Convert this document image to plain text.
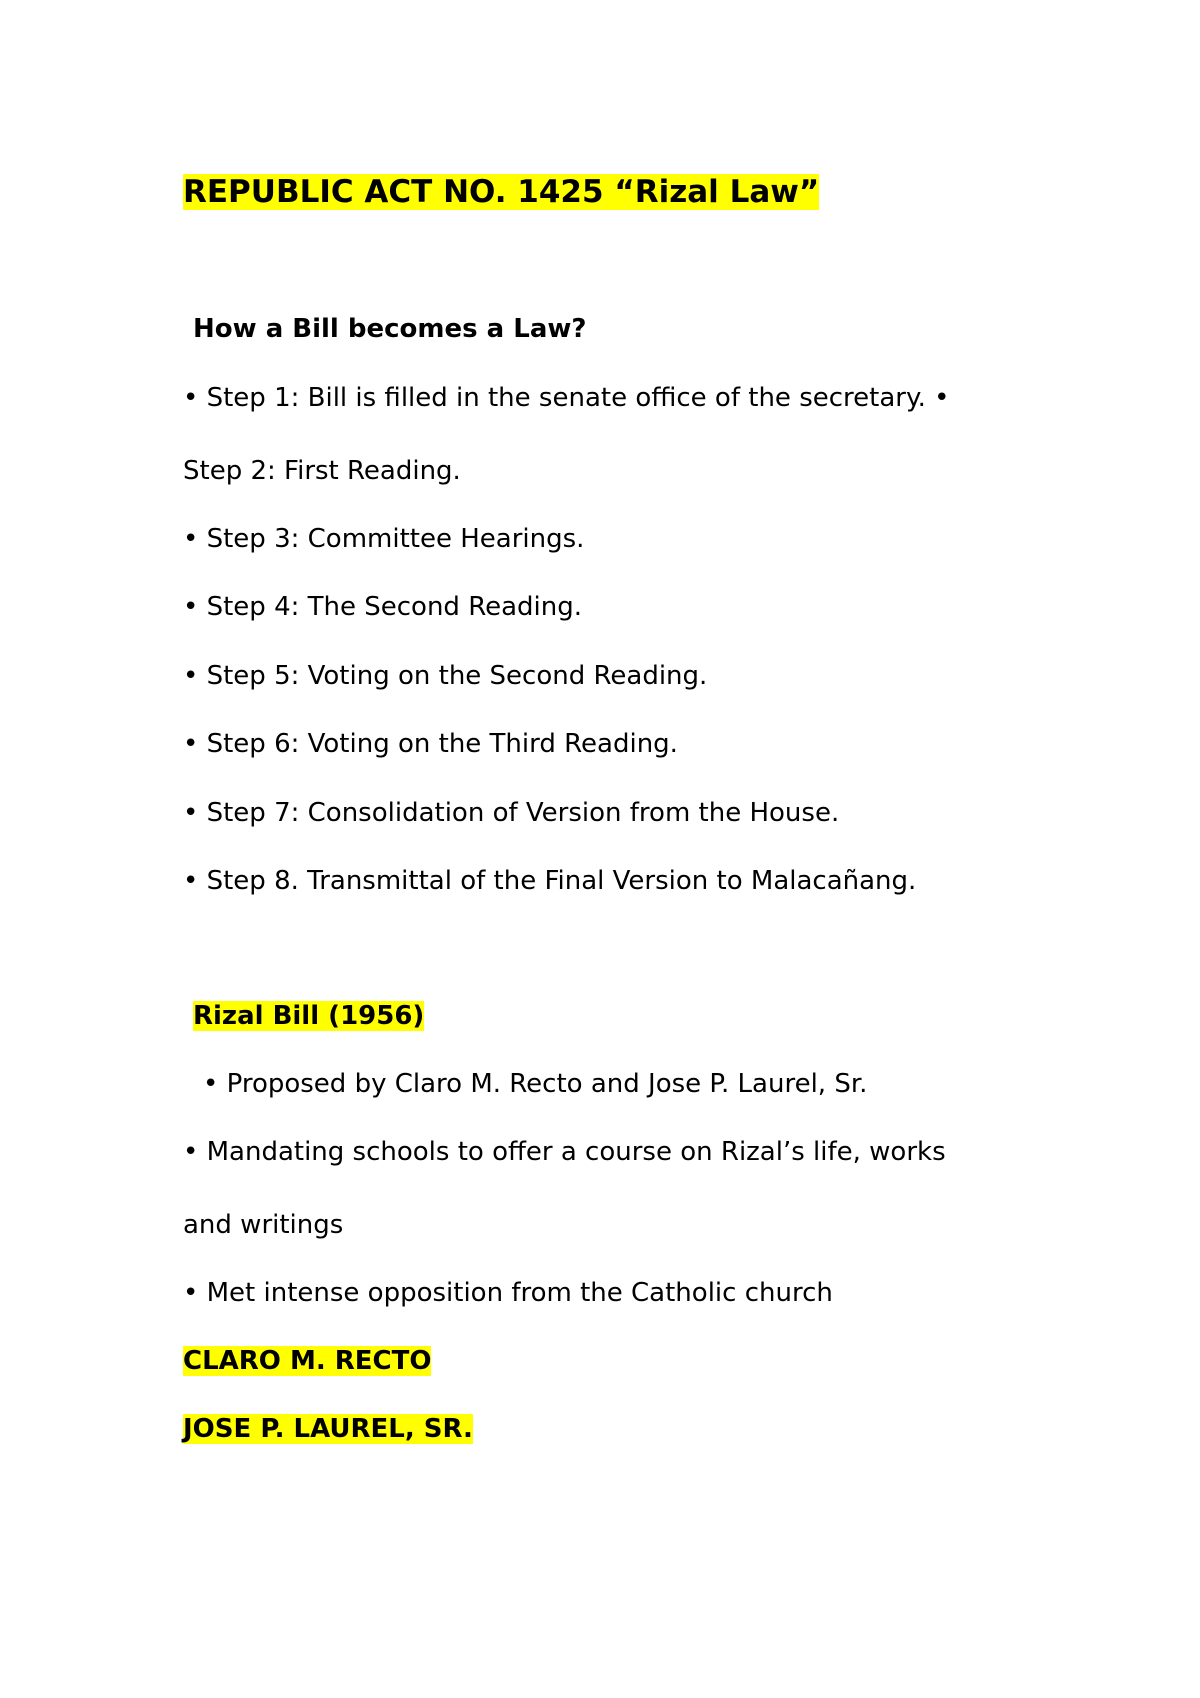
REPUBLIC ACT NO. 1425 “Rizal Law”
How a Bill becomes a Law?
• Step 1: Bill is filled in the senate office of the secretary. •
Step 2: First Reading.
• Step 3: Committee Hearings.
• Step 4: The Second Reading.
• Step 5: Voting on the Second Reading.
• Step 6: Voting on the Third Reading.
• Step 7: Consolidation of Version from the House.
• Step 8. Transmittal of the Final Version to Malacañang.
Rizal Bill (1956)
• Proposed by Claro M. Recto and Jose P. Laurel, Sr.
• Mandating schools to offer a course on Rizal’s life, works
and writings
• Met intense opposition from the Catholic church
CLARO M. RECTO
JOSE P. LAUREL, SR.
